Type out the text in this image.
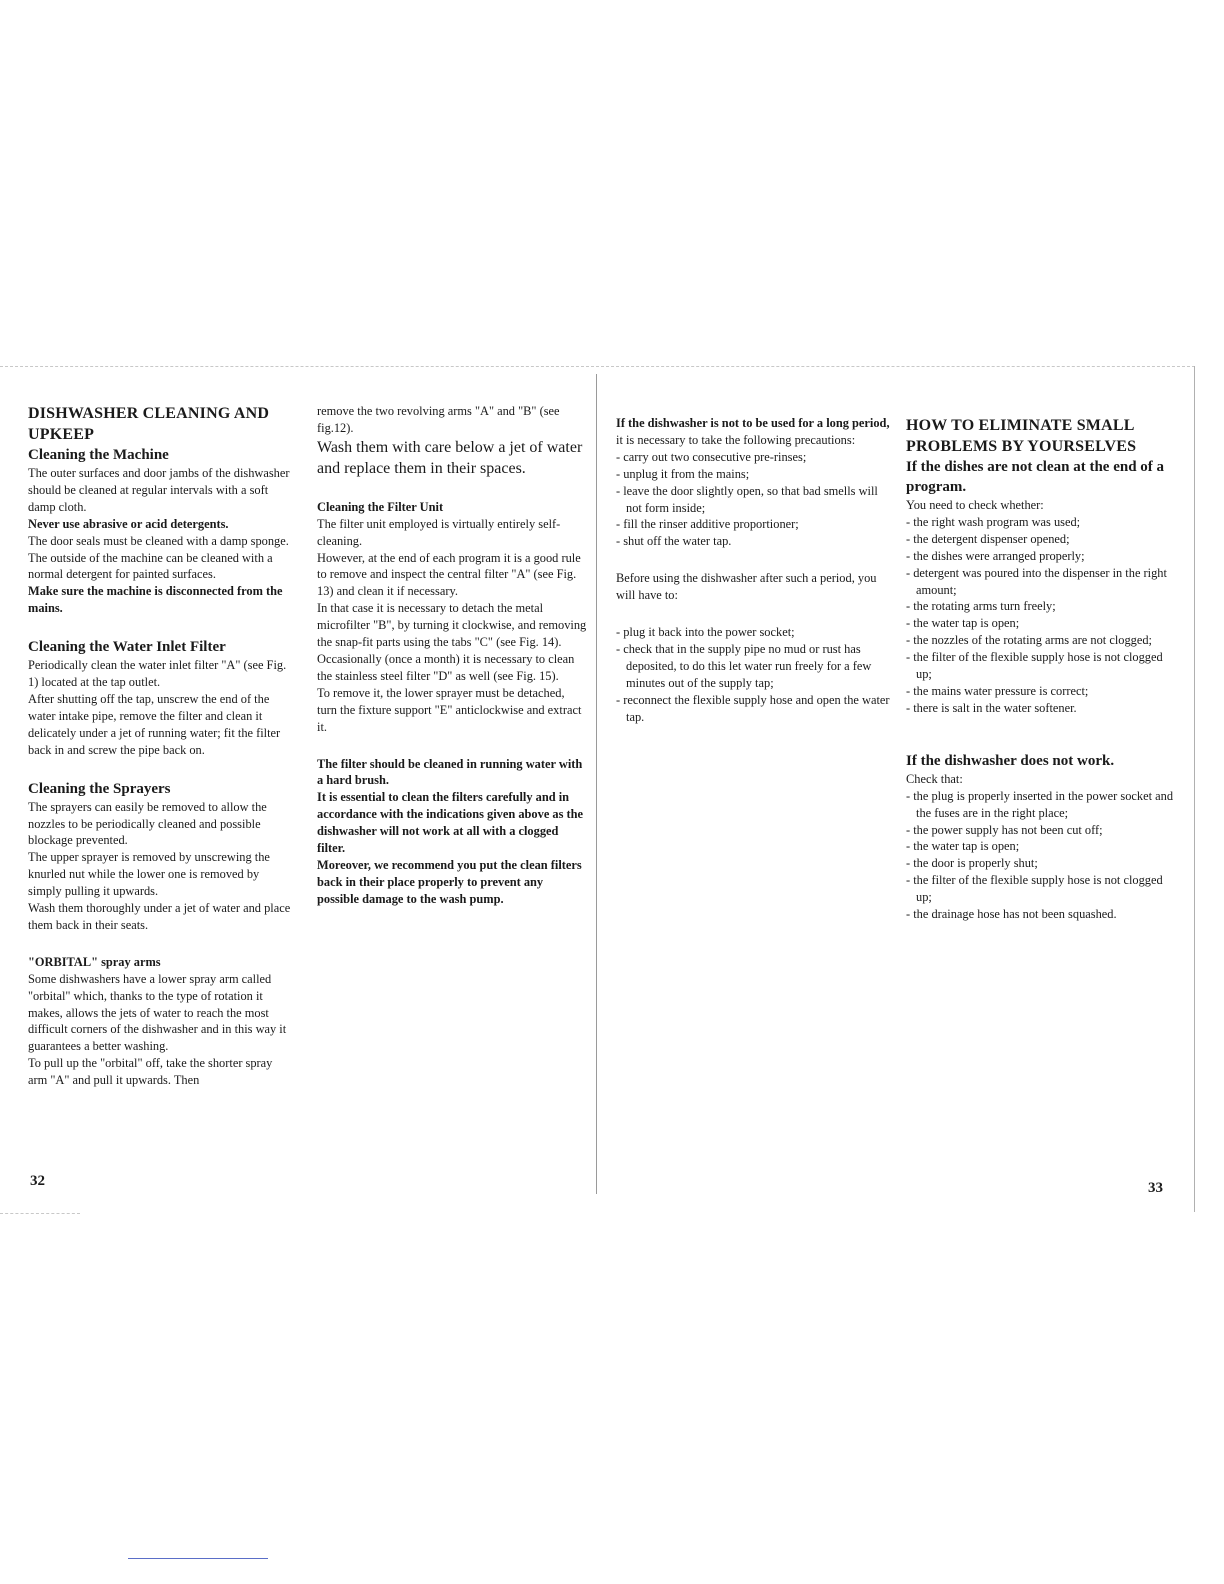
DISHWASHER CLEANING AND UPKEEP

Cleaning the Machine

The outer surfaces and door jambs of the dishwasher should be cleaned at regular intervals with a soft damp cloth.

Never use abrasive or acid detergents.

The door seals must be cleaned with a damp sponge.

The outside of the machine can be cleaned with a normal detergent for painted surfaces.

Make sure the machine is disconnected from the mains.

Cleaning the Water Inlet Filter

Periodically clean the water inlet filter "A" (see Fig. 1) located at the tap outlet.

After shutting off the tap, unscrew the end of the water intake pipe, remove the filter and clean it delicately under a jet of running water; fit the filter back in and screw the pipe back on.

Cleaning the Sprayers

The sprayers can easily be removed to allow the nozzles to be periodically cleaned and possible blockage prevented.

The upper sprayer is removed by unscrewing the knurled nut while the lower one is removed by simply pulling it upwards.

Wash them thoroughly under a jet of water and place them back in their seats.

"ORBITAL" spray arms

Some dishwashers have a lower spray arm called "orbital" which, thanks to the type of rotation it makes, allows the jets of water to reach the most difficult corners of the dishwasher and in this way it guarantees a better washing.

To pull up the "orbital" off, take the shorter spray arm "A" and pull it upwards. Then

remove the two revolving arms "A" and "B" (see fig.12).

Wash them with care below a jet of water and replace them in their spaces.

Cleaning the Filter Unit

The filter unit employed is virtually entirely self-cleaning.

However, at the end of each program it is a good rule to remove and inspect the central filter "A" (see Fig. 13) and clean it if necessary.

In that case it is necessary to detach the metal microfilter "B", by turning it clockwise, and removing the snap-fit parts using the tabs "C" (see Fig. 14).

Occasionally (once a month) it is necessary to clean the stainless steel filter "D" as well (see Fig. 15).

To remove it, the lower sprayer must be detached, turn the fixture support "E" anticlockwise and extract it.

The filter should be cleaned in running water with a hard brush.

It is essential to clean the filters carefully and in accordance with the indications given above as the dishwasher will not work at all with a clogged filter.

Moreover, we recommend you put the clean filters back in their place properly to prevent any possible damage to the wash pump.

32

If the dishwasher is not to be used for a long period, it is necessary to take the following precautions:

- carry out two consecutive pre-rinses;

- unplug it from the mains;

- leave the door slightly open, so that bad smells will not form inside;

- fill the rinser additive proportioner;

- shut off the water tap.

Before using the dishwasher after such a period, you will have to:

- plug it back into the power socket;

- check that in the supply pipe no mud or rust has deposited, to do this let water run freely for a few minutes out of the supply tap;

- reconnect the flexible supply hose and open the water tap.

HOW TO ELIMINATE SMALL PROBLEMS BY YOURSELVES

If the dishes are not clean at the end of a program.

You need to check whether:

- the right wash program was used;

- the detergent dispenser opened;

- the dishes were arranged properly;

- detergent was poured into the dispenser in the right amount;

- the rotating arms turn freely;

- the water tap is open;

- the nozzles of the rotating arms are not clogged;

- the filter of the flexible supply hose is not clogged up;

- the mains water pressure is correct;

- there is salt in the water softener.

If the dishwasher does not work.

Check that:

- the plug is properly inserted in the power socket and the fuses are in the right place;

- the power supply has not been cut off;

- the water tap is open;

- the door is properly shut;

- the filter of the flexible supply hose is not clogged up;

- the drainage hose has not been squashed.

33
